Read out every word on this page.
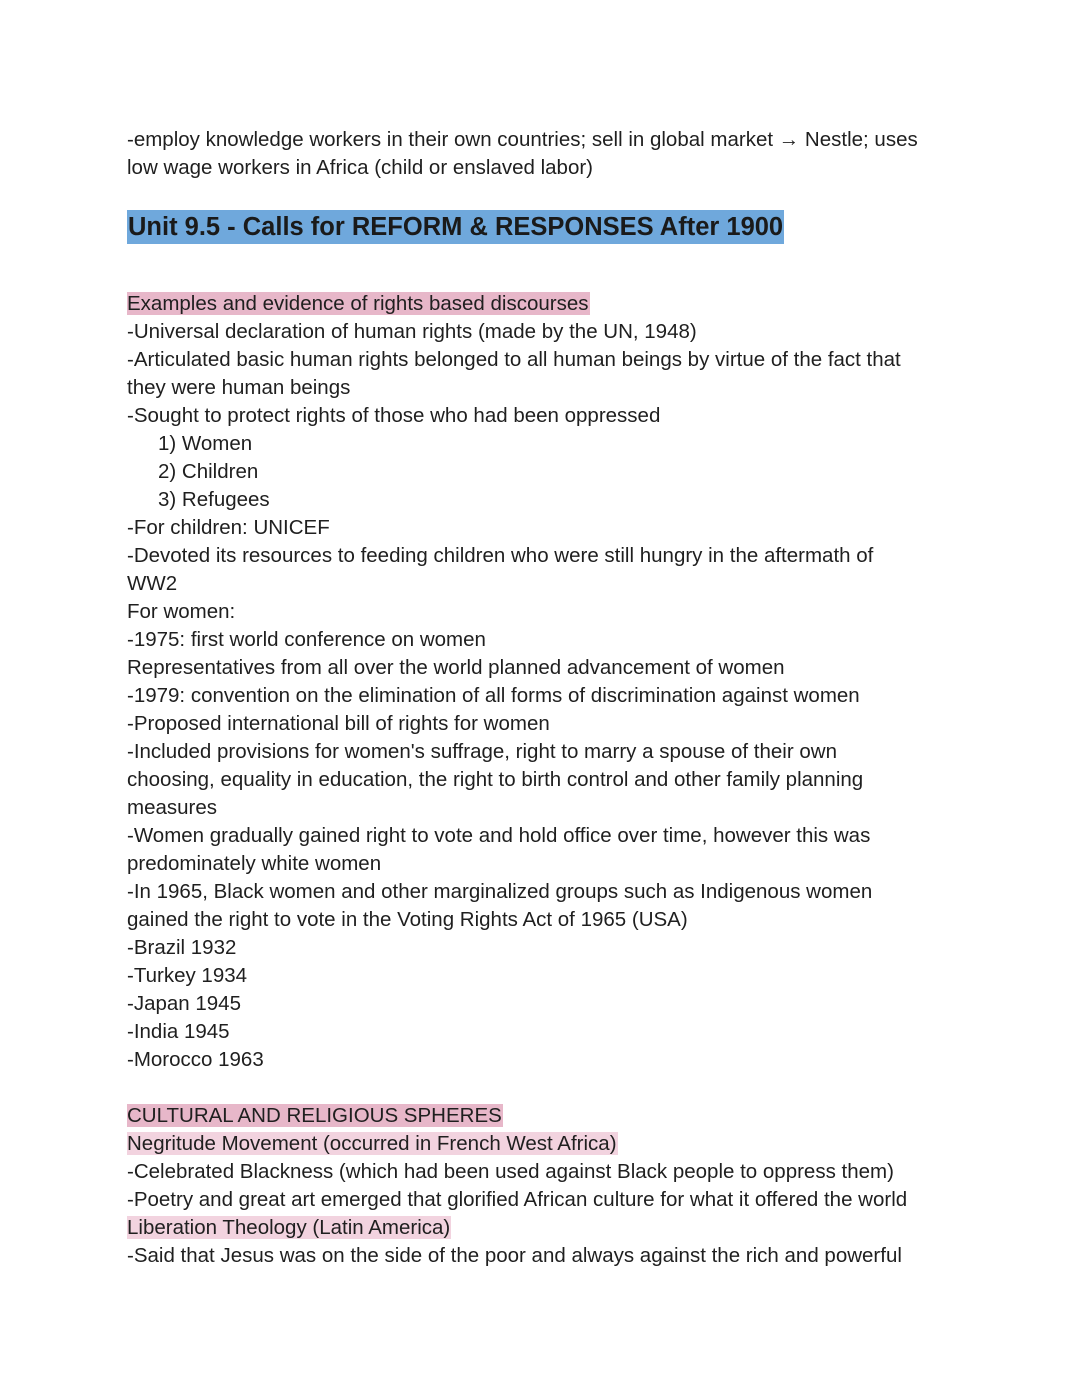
-employ knowledge workers in their own countries; sell in global market → Nestle; uses
low wage workers in Africa (child or enslaved labor)
Unit 9.5 - Calls for REFORM & RESPONSES After 1900
Examples and evidence of rights based discourses
-Universal declaration of human rights (made by the UN, 1948)
-Articulated basic human rights belonged to all human beings by virtue of the fact that
they were human beings
-Sought to protect rights of those who had been oppressed
1) Women
2) Children
3) Refugees
-For children: UNICEF
-Devoted its resources to feeding children who were still hungry in the aftermath of
WW2
For women:
-1975: first world conference on women
Representatives from all over the world planned advancement of women
-1979: convention on the elimination of all forms of discrimination against women
-Proposed international bill of rights for women
-Included provisions for women's suffrage, right to marry a spouse of their own
choosing, equality in education, the right to birth control and other family planning
measures
-Women gradually gained right to vote and hold office over time, however this was
predominately white women
-In 1965, Black women and other marginalized groups such as Indigenous women
gained the right to vote in the Voting Rights Act of 1965 (USA)
-Brazil 1932
-Turkey 1934
-Japan 1945
-India 1945
-Morocco 1963
CULTURAL AND RELIGIOUS SPHERES
Negritude Movement (occurred in French West Africa)
-Celebrated Blackness (which had been used against Black people to oppress them)
-Poetry and great art emerged that glorified African culture for what it offered the world
Liberation Theology (Latin America)
-Said that Jesus was on the side of the poor and always against the rich and powerful
